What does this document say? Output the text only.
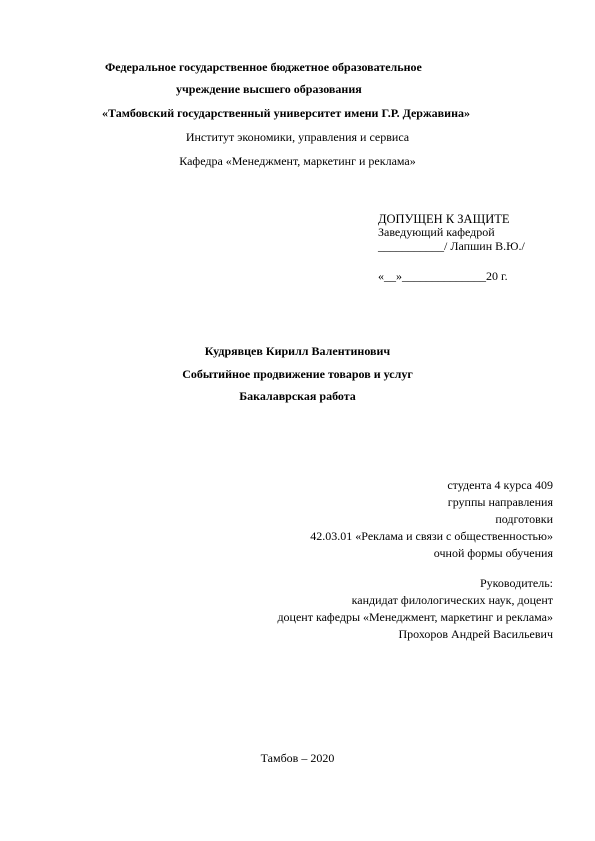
Федеральное государственное бюджетное образовательное
учреждение высшего образования
«Тамбовский государственный университет имени Г.Р. Державина»
Институт экономики, управления и сервиса
Кафедра «Менеджмент, маркетинг и реклама»
ДОПУЩЕН К ЗАЩИТЕ
Заведующий кафедрой
___________/ Лапшин В.Ю./
«__»______________20 г.
Кудрявцев Кирилл Валентинович
Событийное продвижение товаров и услуг
Бакалаврская работа
студента 4 курса 409
группы направления
подготовки
42.03.01 «Реклама и связи с общественностью»
очной формы обучения
Руководитель:
кандидат филологических наук, доцент
доцент кафедры «Менеджмент, маркетинг и реклама»
Прохоров Андрей Васильевич
Тамбов – 2020
